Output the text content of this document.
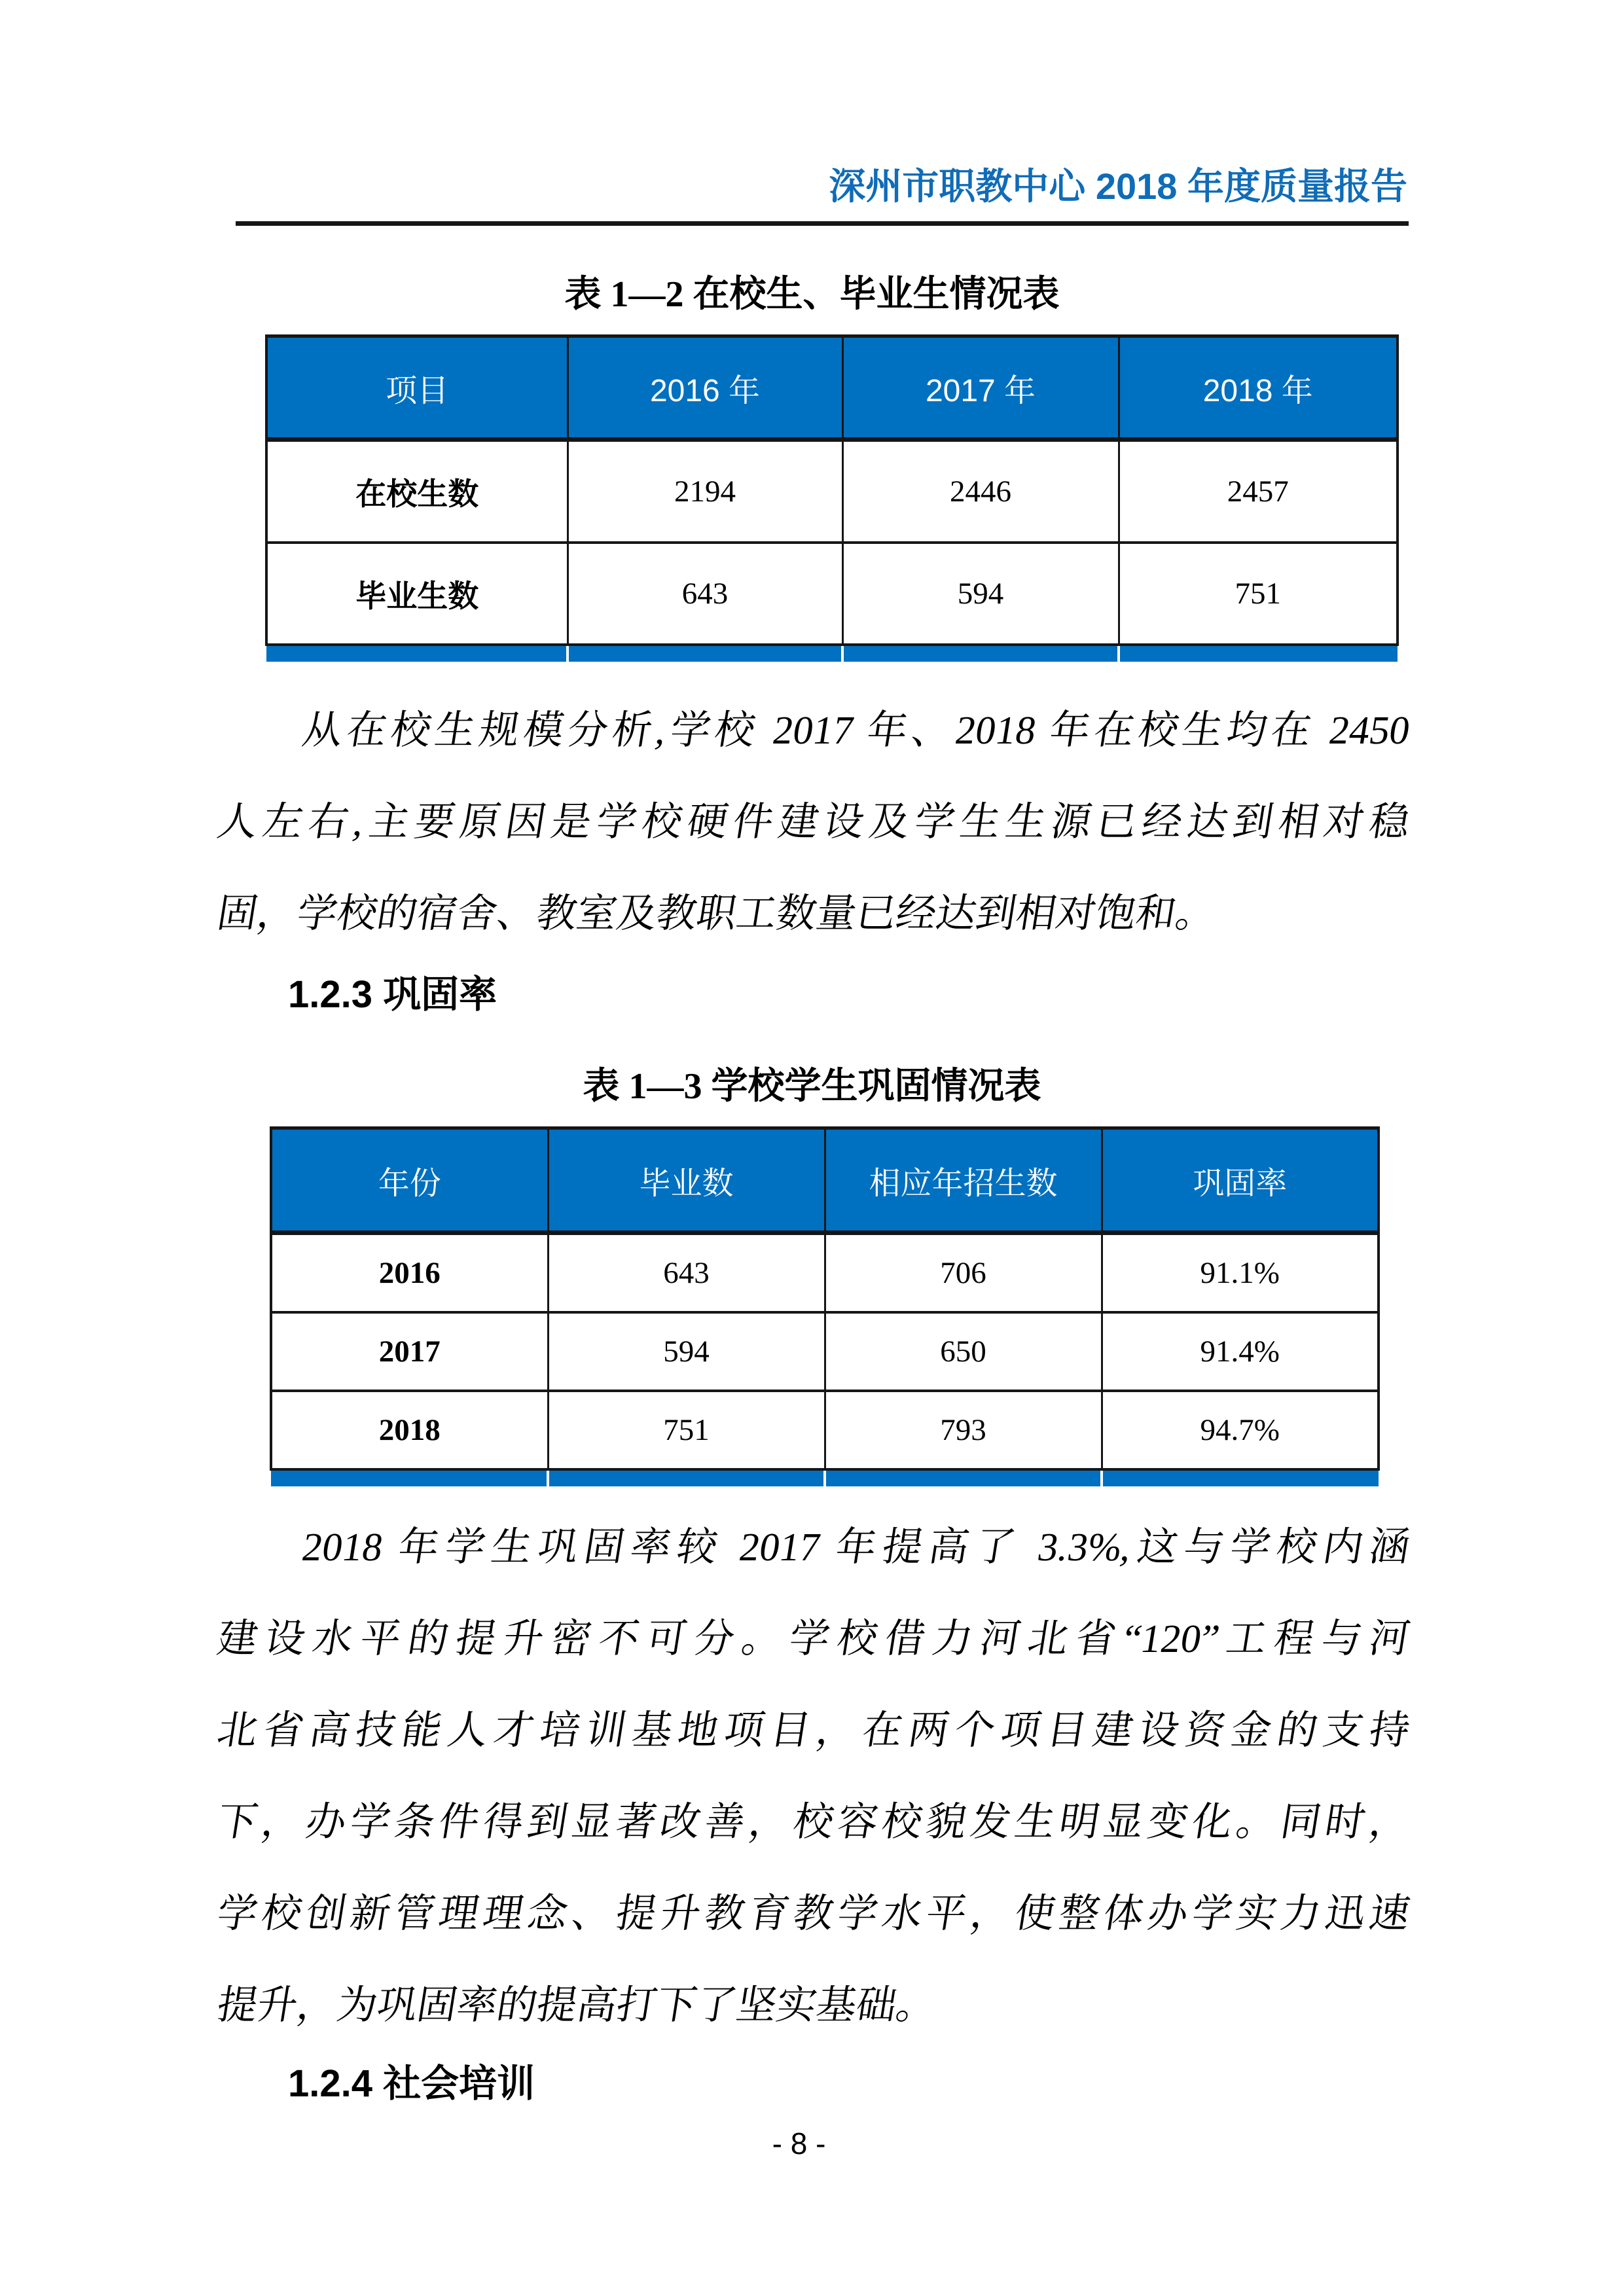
深州市职教中心 2018 年度质量报告
表 1—2 在校生、毕业生情况表
项目	2016 年	2017 年	2018 年
在校生数	2194	2446	2457
毕业生数	643	594	751

从在校生规模分析,学校 2017 年、2018 年在校生均在 2450
人左右,主要原因是学校硬件建设及学生生源已经达到相对稳
固，学校的宿舍、教室及教职工数量已经达到相对饱和。
1.2.3 巩固率
表 1—3 学校学生巩固情况表
年份	毕业数	相应年招生数	巩固率
2016	643	706	91.1%
2017	594	650	91.4%
2018	751	793	94.7%

2018 年学生巩固率较 2017 年提高了 3.3%,这与学校内涵
建设水平的提升密不可分。学校借力河北省“120”工程与河
北省高技能人才培训基地项目，在两个项目建设资金的支持
下，办学条件得到显著改善，校容校貌发生明显变化。同时，
学校创新管理理念、提升教育教学水平，使整体办学实力迅速
提升，为巩固率的提高打下了坚实基础。
1.2.4 社会培训
- 8 -
